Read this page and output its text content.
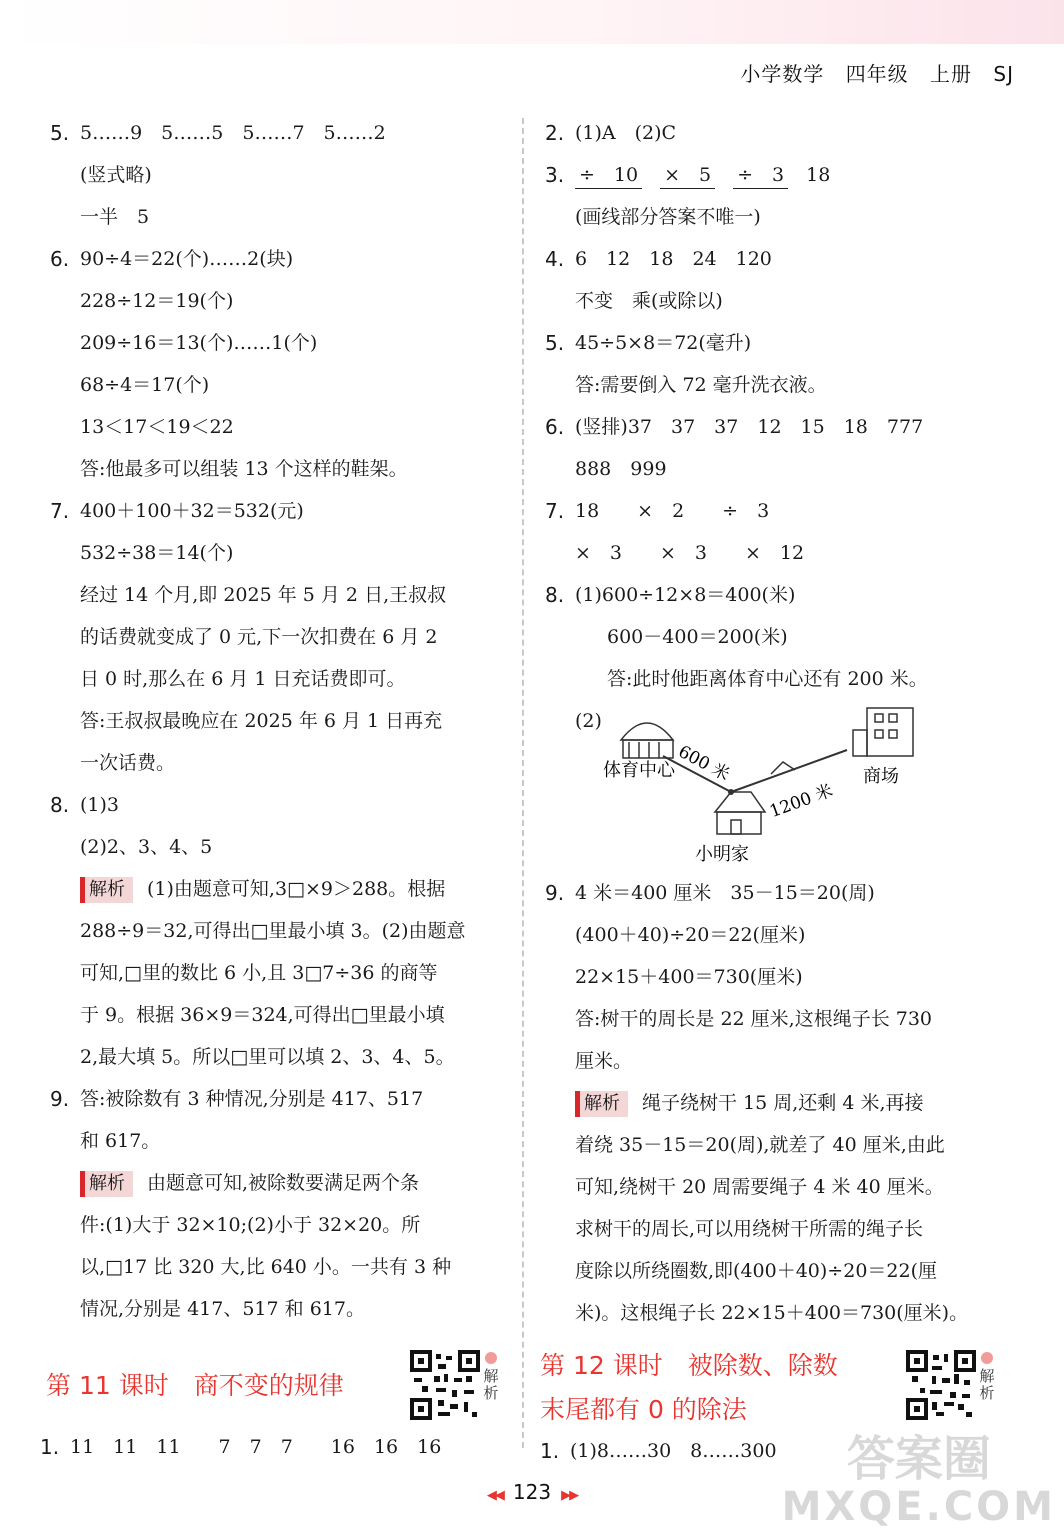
小学数学 四年级 上册 SJ
5. 5……9　5……5　5……7　5……2
(竖式略)
一半　5
6. 90÷4＝22(个)……2(块)
228÷12＝19(个)
209÷16＝13(个)……1(个)
68÷4＝17(个)
13＜17＜19＜22
答:他最多可以组装 13 个这样的鞋架。
7. 400＋100＋32＝532(元)
532÷38＝14(个)
经过 14 个月,即 2025 年 5 月 2 日,王叔叔
的话费就变成了 0 元,下一次扣费在 6 月 2
日 0 时,那么在 6 月 1 日充话费即可。
答:王叔叔最晚应在 2025 年 6 月 1 日再充
一次话费。
8. (1)3
(2)2、3、4、5
解析 (1)由题意可知,3□×9＞288。根据
288÷9＝32,可得出□里最小填 3。(2)由题意
可知,□里的数比 6 小,且 3□7÷36 的商等
于 9。根据 36×9＝324,可得出□里最小填
2,最大填 5。所以□里可以填 2、3、4、5。
9. 答:被除数有 3 种情况,分别是 417、517
和 617。
解析 由题意可知,被除数要满足两个条
件:(1)大于 32×10;(2)小于 32×20。所
以,□17 比 320 大,比 640 小。一共有 3 种
情况,分别是 417、517 和 617。
第 11 课时　商不变的规律	解析
1. 11　11　11　　7　7　7　　16　16　16
2. (1)A　(2)C
3. ÷　10 ×　5 ÷　3 18
(画线部分答案不唯一)
4. 6　12　18　24　120
不变　乘(或除以)
5. 45÷5×8＝72(毫升)
答:需要倒入 72 毫升洗衣液。
6. (竖排)37　37　37　12　15　18　777
888　999
7. 18　　×　2　　÷　3
×　3　　×　3　　×　12
8. (1)600÷12×8＝400(米)
600－400＝200(米)
答:此时他距离体育中心还有 200 米。
(2)
体育中心
小明家
商场
600 米
1200 米
9. 4 米＝400 厘米　35－15＝20(周)
(400＋40)÷20＝22(厘米)
22×15＋400＝730(厘米)
答:树干的周长是 22 厘米,这根绳子长 730
厘米。
解析 绳子绕树干 15 周,还剩 4 米,再接
着绕 35－15＝20(周),就差了 40 厘米,由此
可知,绕树干 20 周需要绳子 4 米 40 厘米。
求树干的周长,可以用绕树干所需的绳子长
度除以所绕圈数,即(400＋40)÷20＝22(厘
米)。这根绳子长 22×15＋400＝730(厘米)。
第 12 课时　被除数、除数
末尾都有 0 的除法
解析
1. (1)8……30　8……300
◀◀ 123 ▶▶
答案圈
MXQE.COM
